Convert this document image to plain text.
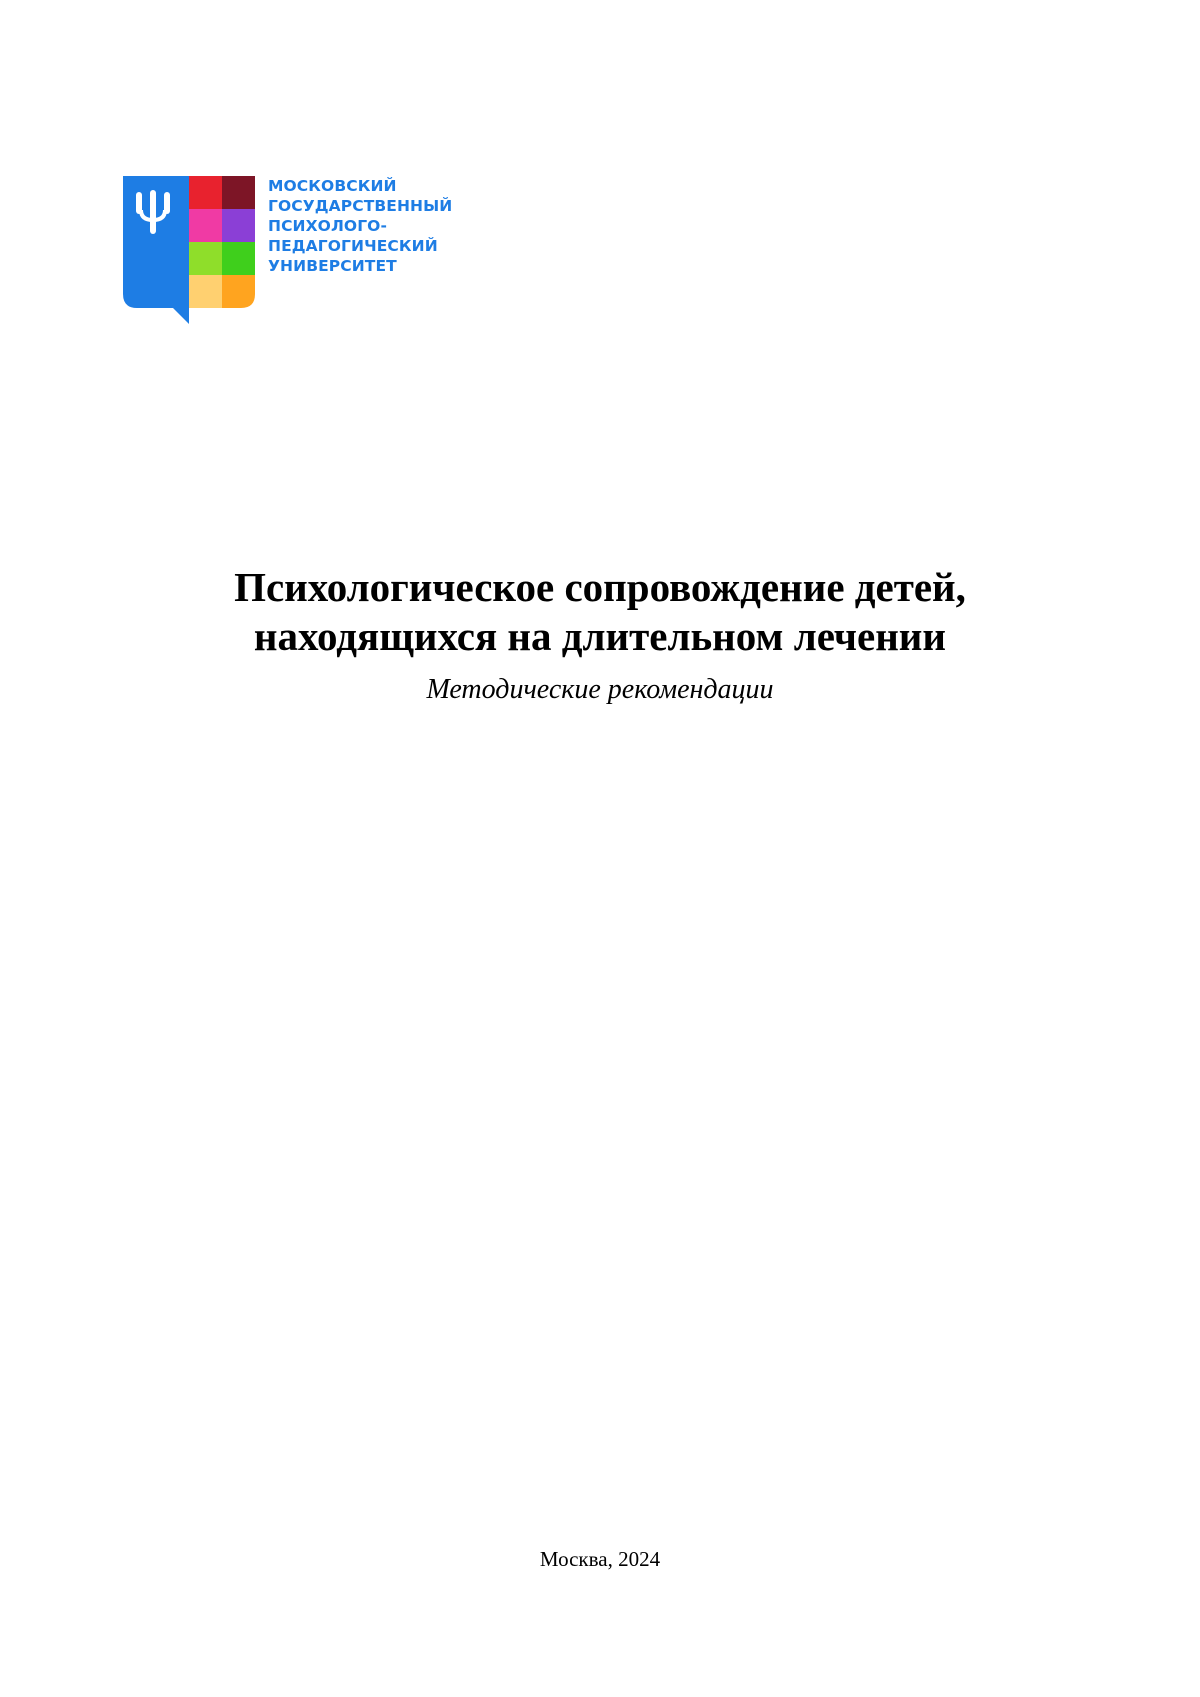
МОСКОВСКИЙ
ГОСУДАРСТВЕННЫЙ
ПСИХОЛОГО-
ПЕДАГОГИЧЕСКИЙ
УНИВЕРСИТЕТ
Психологическое сопровождение детей,
находящихся на длительном лечении
Методические рекомендации
Москва, 2024
